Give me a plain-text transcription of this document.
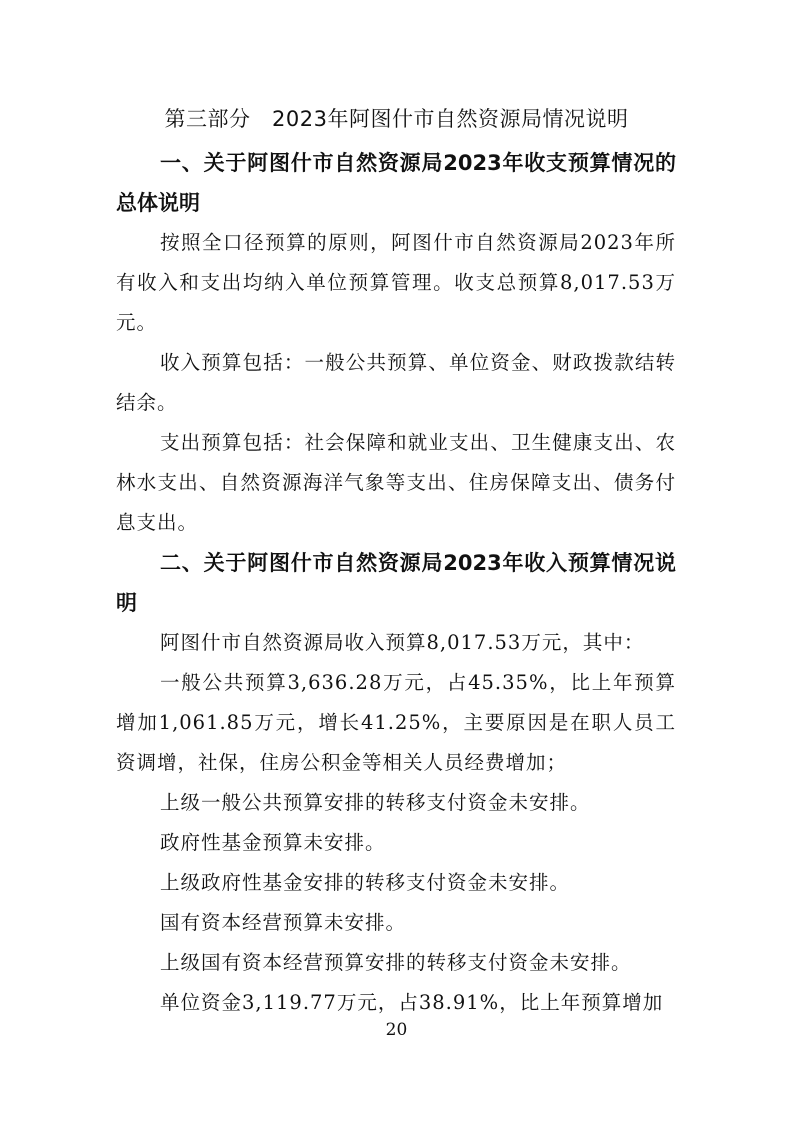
第三部分　2023年阿图什市自然资源局情况说明

一、关于阿图什市自然资源局2023年收支预算情况的总体说明

按照全口径预算的原则，阿图什市自然资源局2023年所有收入和支出均纳入单位预算管理。收支总预算8,017.53万元。

收入预算包括：一般公共预算、单位资金、财政拨款结转结余。

支出预算包括：社会保障和就业支出、卫生健康支出、农林水支出、自然资源海洋气象等支出、住房保障支出、债务付息支出。

二、关于阿图什市自然资源局2023年收入预算情况说明

阿图什市自然资源局收入预算8,017.53万元，其中：

一般公共预算3,636.28万元，占45.35%，比上年预算增加1,061.85万元，增长41.25%，主要原因是在职人员工资调增，社保，住房公积金等相关人员经费增加；

上级一般公共预算安排的转移支付资金未安排。

政府性基金预算未安排。

上级政府性基金安排的转移支付资金未安排。

国有资本经营预算未安排。

上级国有资本经营预算安排的转移支付资金未安排。

单位资金3,119.77万元，占38.91%，比上年预算增加

20
